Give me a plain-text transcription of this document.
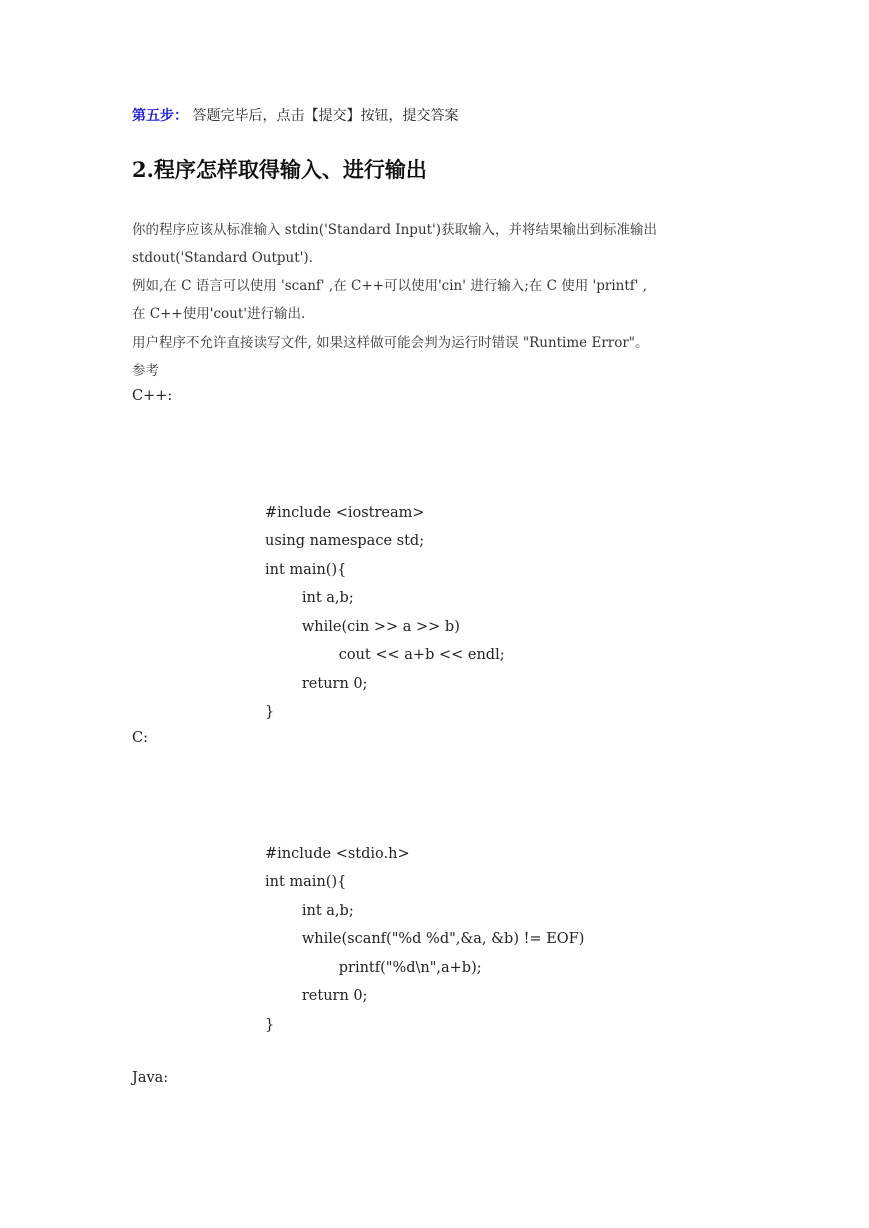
第五步： 答题完毕后，点击【提交】按钮，提交答案
2.程序怎样取得输入、进行输出
你的程序应该从标准输入 stdin('Standard Input')获取输入，并将结果输出到标准输出
stdout('Standard Output').
例如,在 C 语言可以使用 'scanf' ,在 C++可以使用'cin' 进行输入;在 C 使用 'printf' ,
在 C++使用'cout'进行输出.
用户程序不允许直接读写文件, 如果这样做可能会判为运行时错误 "Runtime Error"。
参考
C++:

#include <iostream>
using namespace std;
int main(){
int a,b;
while(cin >> a >> b)
cout << a+b << endl;
return 0;
}

C:

#include <stdio.h>
int main(){
int a,b;
while(scanf("%d %d",&a, &b) != EOF)
printf("%d\n",a+b);
return 0;
}

Java:
